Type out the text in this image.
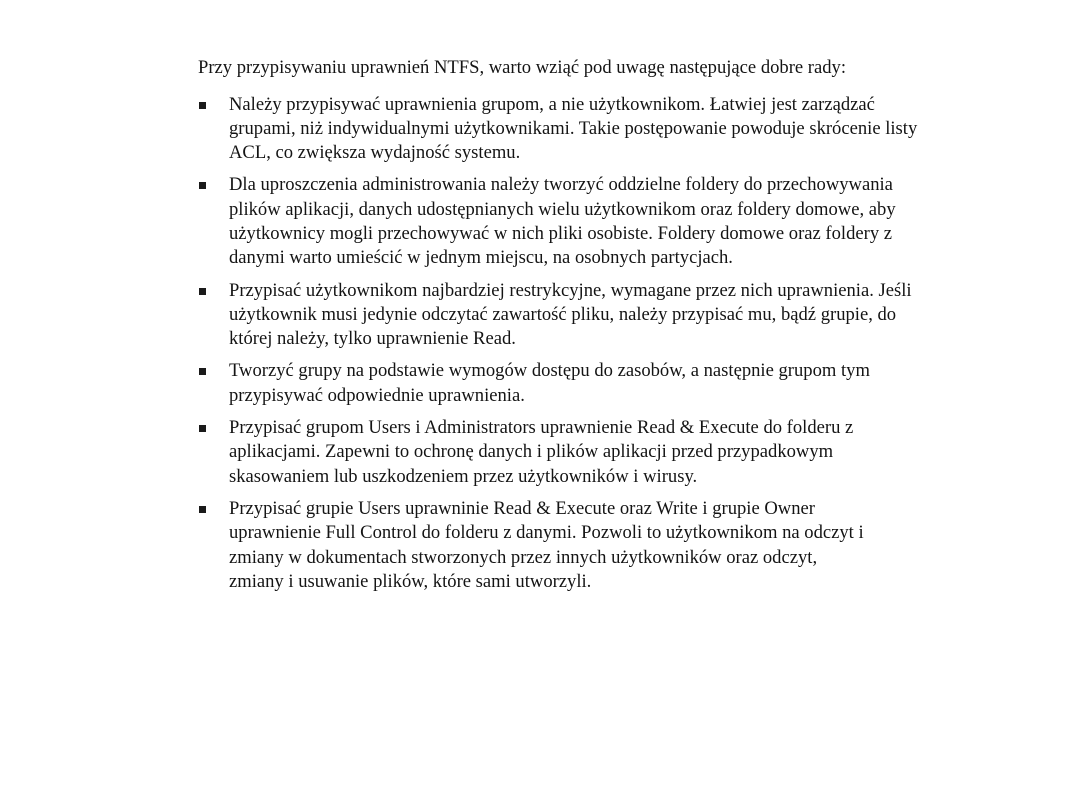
Przy przypisywaniu uprawnień NTFS, warto wziąć pod uwagę następujące dobre rady:

Należy przypisywać uprawnienia grupom, a nie użytkownikom. Łatwiej jest zarządzać grupami, niż indywidualnymi użytkownikami. Takie postępowanie powoduje skrócenie listy ACL, co zwiększa wydajność systemu.
Dla uproszczenia administrowania należy tworzyć oddzielne foldery do przechowywania plików aplikacji, danych udostępnianych wielu użytkownikom oraz foldery domowe, aby użytkownicy mogli przechowywać w nich pliki osobiste. Foldery domowe oraz foldery z danymi warto umieścić w jednym miejscu, na osobnych partycjach.
Przypisać użytkownikom najbardziej restrykcyjne, wymagane przez nich uprawnienia. Jeśli użytkownik musi jedynie odczytać zawartość pliku, należy przypisać mu, bądź grupie, do której należy, tylko uprawnienie Read.
Tworzyć grupy na podstawie wymogów dostępu do zasobów, a następnie grupom tym przypisywać odpowiednie uprawnienia.
Przypisać grupom Users i Administrators uprawnienie Read & Execute do folderu z aplikacjami. Zapewni to ochronę danych i plików aplikacji przed przypadkowym skasowaniem lub uszkodzeniem przez użytkowników i wirusy.
Przypisać grupie Users uprawninie Read & Execute oraz Write i grupie Owner uprawnienie Full Control do folderu z danymi. Pozwoli to użytkownikom na odczyt i zmiany w dokumentach stworzonych przez innych użytkowników oraz odczyt, zmiany i usuwanie plików, które sami utworzyli.
